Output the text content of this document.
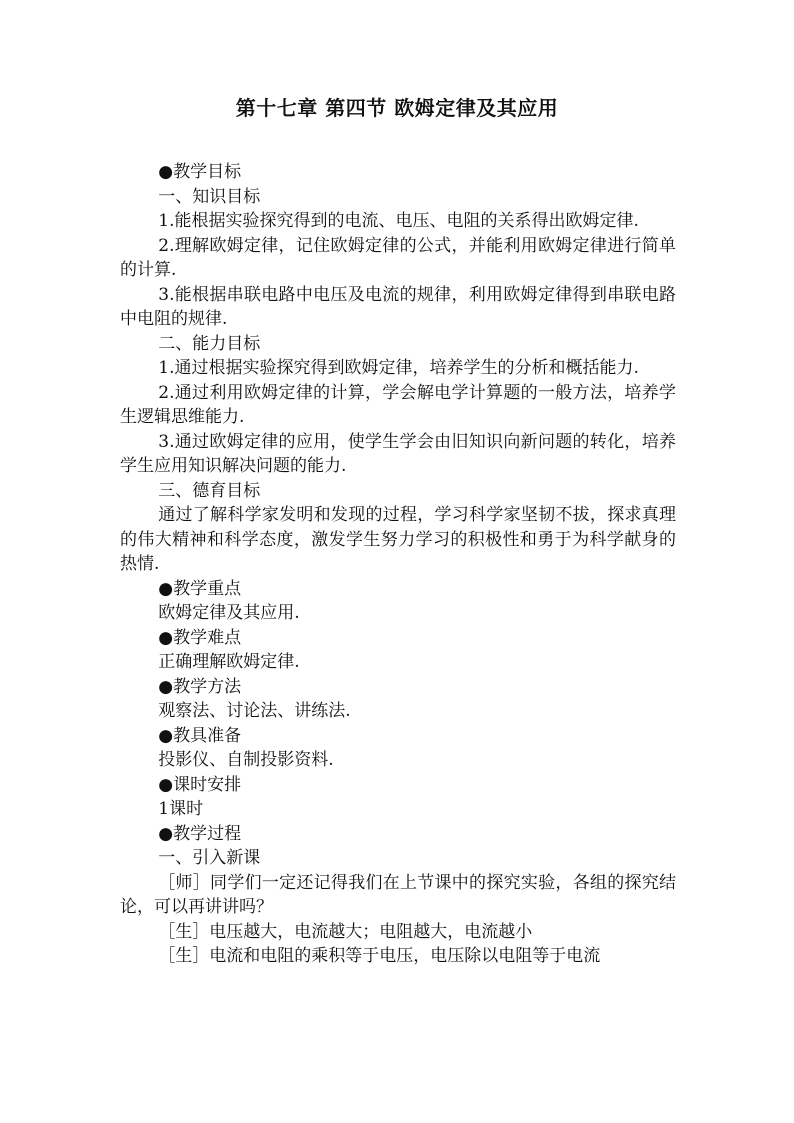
第十七章 第四节 欧姆定律及其应用

●教学目标

一、知识目标

1.能根据实验探究得到的电流、电压、电阻的关系得出欧姆定律.

2.理解欧姆定律，记住欧姆定律的公式，并能利用欧姆定律进行简单的计算.

3.能根据串联电路中电压及电流的规律，利用欧姆定律得到串联电路中电阻的规律.

二、能力目标

1.通过根据实验探究得到欧姆定律，培养学生的分析和概括能力.

2.通过利用欧姆定律的计算，学会解电学计算题的一般方法，培养学生逻辑思维能力.

3.通过欧姆定律的应用，使学生学会由旧知识向新问题的转化，培养学生应用知识解决问题的能力.

三、德育目标

通过了解科学家发明和发现的过程，学习科学家坚韧不拔，探求真理的伟大精神和科学态度，激发学生努力学习的积极性和勇于为科学献身的热情.

●教学重点

欧姆定律及其应用.

●教学难点

正确理解欧姆定律.

●教学方法

观察法、讨论法、讲练法.

●教具准备

投影仪、自制投影资料.

●课时安排

1课时

●教学过程

一、引入新课

［师］同学们一定还记得我们在上节课中的探究实验，各组的探究结论，可以再讲讲吗？

［生］电压越大，电流越大；电阻越大，电流越小

［生］电流和电阻的乘积等于电压，电压除以电阻等于电流
